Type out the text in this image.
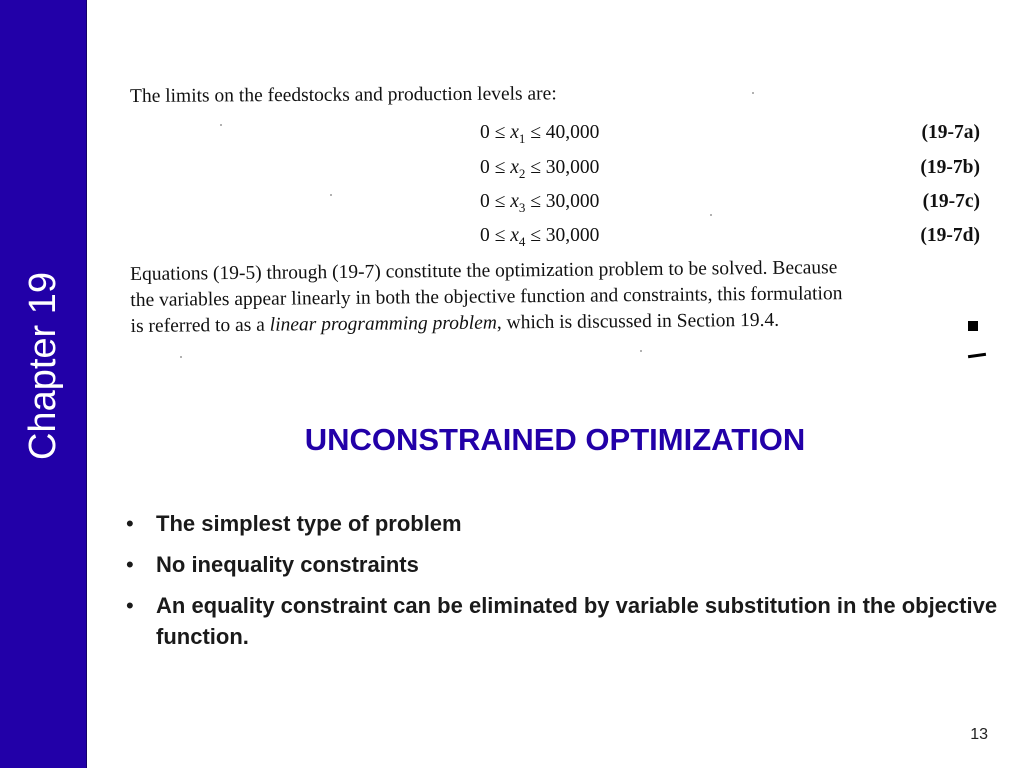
Chapter 19
The limits on the feedstocks and production levels are:
$0 \le x_1 \le 40,000$	(19-7a)
$0 \le x_2 \le 30,000$	(19-7b)
$0 \le x_3 \le 30,000$	(19-7c)
$0 \le x_4 \le 30,000$	(19-7d)
Equations (19-5) through (19-7) constitute the optimization problem to be solved. Because
the variables appear linearly in both the objective function and constraints, this formulation
is referred to as a linear programming problem, which is discussed in Section 19.4.
UNCONSTRAINED OPTIMIZATION
• The simplest type of problem
• No inequality constraints
• An equality constraint can be eliminated by variable substitution in the objective function.
13
